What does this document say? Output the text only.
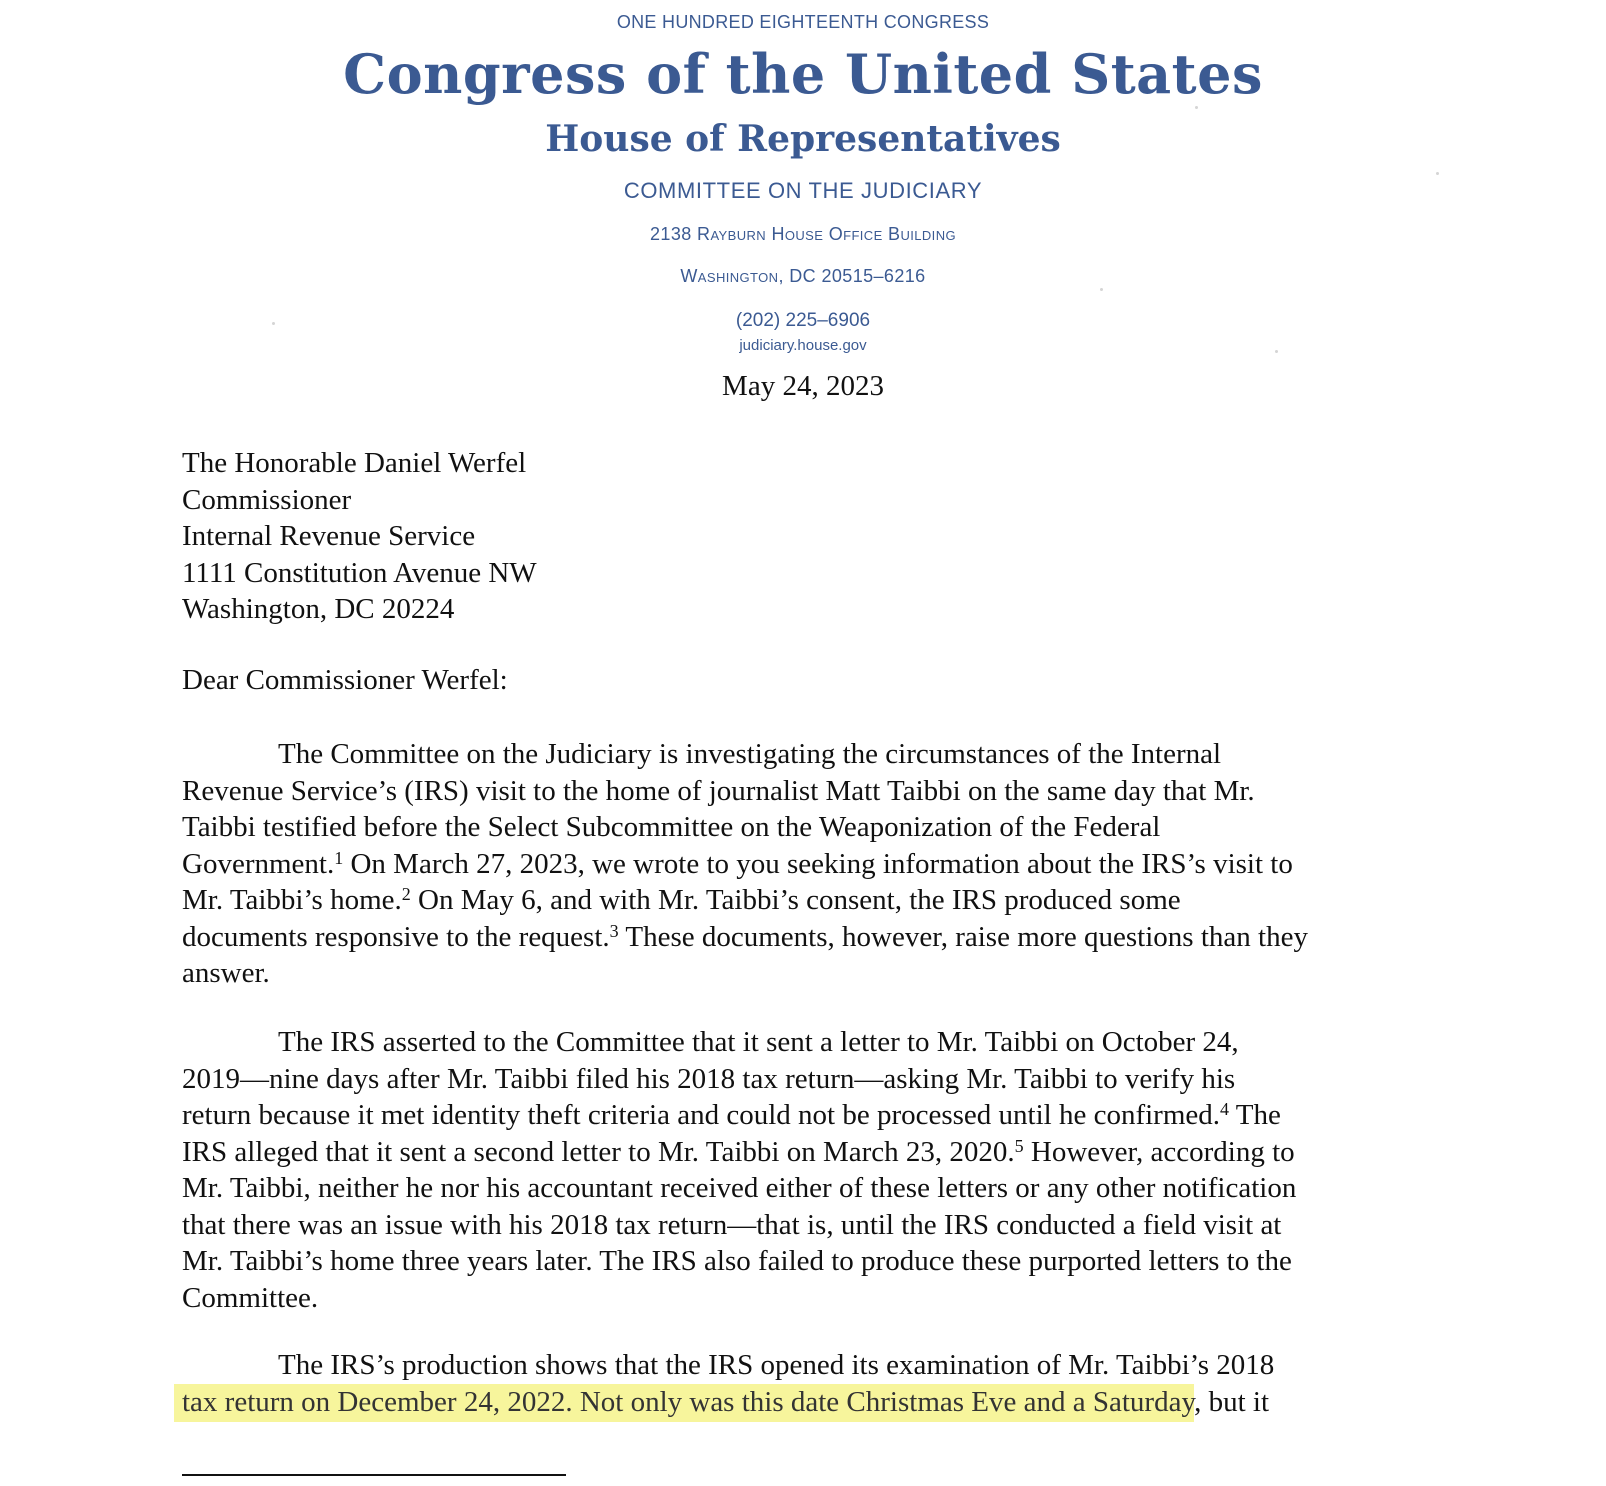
ONE HUNDRED EIGHTEENTH CONGRESS
Congress of the United States
House of Representatives
COMMITTEE ON THE JUDICIARY
2138 Rayburn House Office Building
Washington, DC 20515–6216
(202) 225–6906
judiciary.house.gov
May 24, 2023
The Honorable Daniel Werfel
Commissioner
Internal Revenue Service
1111 Constitution Avenue NW
Washington, DC 20224
Dear Commissioner Werfel:
The Committee on the Judiciary is investigating the circumstances of the Internal
Revenue Service’s (IRS) visit to the home of journalist Matt Taibbi on the same day that Mr.
Taibbi testified before the Select Subcommittee on the Weaponization of the Federal
Government.$^1$ On March 27, 2023, we wrote to you seeking information about the IRS’s visit to
Mr. Taibbi’s home.$^2$ On May 6, and with Mr. Taibbi’s consent, the IRS produced some
documents responsive to the request.$^3$ These documents, however, raise more questions than they
answer.
The IRS asserted to the Committee that it sent a letter to Mr. Taibbi on October 24,
2019—nine days after Mr. Taibbi filed his 2018 tax return—asking Mr. Taibbi to verify his
return because it met identity theft criteria and could not be processed until he confirmed.$^4$ The
IRS alleged that it sent a second letter to Mr. Taibbi on March 23, 2020.$^5$ However, according to
Mr. Taibbi, neither he nor his accountant received either of these letters or any other notification
that there was an issue with his 2018 tax return—that is, until the IRS conducted a field visit at
Mr. Taibbi’s home three years later. The IRS also failed to produce these purported letters to the
Committee.
The IRS’s production shows that the IRS opened its examination of Mr. Taibbi’s 2018
tax return on December 24, 2022. Not only was this date Christmas Eve and a Saturday, but it
